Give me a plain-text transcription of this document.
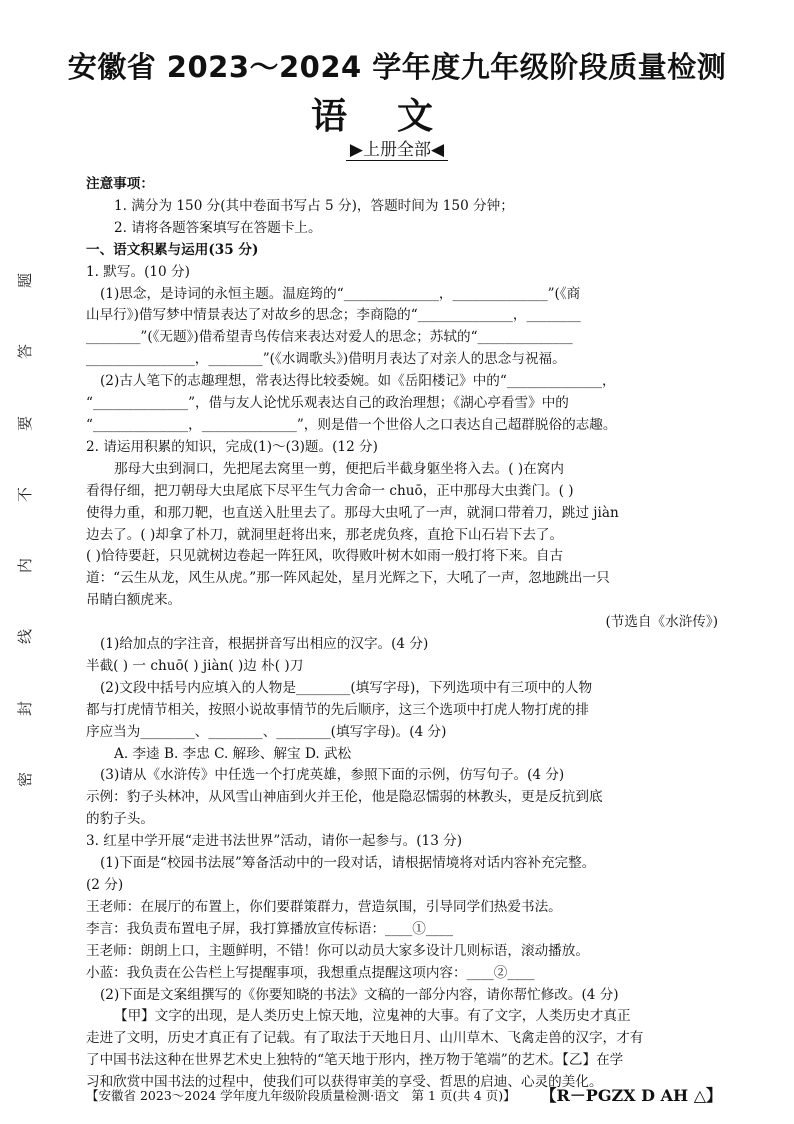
题
答
要
不
内
线
封
密
安徽省 2023～2024 学年度九年级阶段质量检测
语文
▶上册全部◀

注意事项：

1. 满分为 150 分(其中卷面书写占 5 分)，答题时间为 150 分钟；

2. 请将各题答案填写在答题卡上。

一、语文积累与运用(35 分)

1. 默写。(10 分)

(1)思念，是诗词的永恒主题。温庭筠的“______________，______________”(《商

山早行》)借写梦中情景表达了对故乡的思念；李商隐的“______________，________

________”(《无题》)借希望青鸟传信来表达对爱人的思念；苏轼的“______________

________________，________”(《水调歌头》)借明月表达了对亲人的思念与祝福。

(2)古人笔下的志趣理想，常表达得比较委婉。如《岳阳楼记》中的“______________，

“______________”，借与友人论忧乐观表达自己的政治理想；《湖心亭看雪》中的

“______________，______________”，则是借一个世俗人之口表达自己超群脱俗的志趣。

2. 请运用积累的知识，完成(1)～(3)题。(12 分)

那母大虫到洞口，先把尾去窝里一剪，便把后半截身躯坐将入去。( )在窝内

看得仔细，把刀朝母大虫尾底下尽平生气力舍命一 chuō，正中那母大虫粪门。( )

使得力重，和那刀靶，也直送入肚里去了。那母大虫吼了一声，就洞口带着刀，跳过 jiàn

边去了。( )却拿了朴刀，就洞里赶将出来，那老虎负疼，直抢下山石岩下去了。

( )恰待要赶，只见就树边卷起一阵狂风，吹得败叶树木如雨一般打将下来。自古

道：“云生从龙，风生从虎。”那一阵风起处，星月光辉之下，大吼了一声，忽地跳出一只

吊睛白额虎来。

(节选自《水浒传》)

(1)给加点的字注音，根据拼音写出相应的汉字。(4 分)

半截( ) 一 chuō( ) jiàn( )边 朴( )刀

(2)文段中括号内应填入的人物是________(填写字母)，下列选项中有三项中的人物

都与打虎情节相关，按照小说故事情节的先后顺序，这三个选项中打虎人物打虎的排

序应当为________、________、________(填写字母)。(4 分)

A. 李逵 B. 李忠 C. 解珍、解宝 D. 武松

(3)请从《水浒传》中任选一个打虎英雄，参照下面的示例，仿写句子。(4 分)

示例：豹子头林冲，从风雪山神庙到火并王伦，他是隐忍懦弱的林教头，更是反抗到底

的豹子头。

3. 红星中学开展“走进书法世界”活动，请你一起参与。(13 分)

(1)下面是“校园书法展”筹备活动中的一段对话，请根据情境将对话内容补充完整。

(2 分)

王老师：在展厅的布置上，你们要群策群力，营造氛围，引导同学们热爱书法。

李言：我负责布置电子屏，我打算播放宣传标语：____①____

王老师：朗朗上口，主题鲜明，不错！你可以动员大家多设计几则标语，滚动播放。

小蓝：我负责在公告栏上写提醒事项，我想重点提醒这项内容：____②____

(2)下面是文案组撰写的《你要知晓的书法》文稿的一部分内容，请你帮忙修改。(4 分)

【甲】文字的出现，是人类历史上惊天地，泣鬼神的大事。有了文字，人类历史才真正

走进了文明，历史才真正有了记载。有了取法于天地日月、山川草木、飞禽走兽的汉字，才有

了中国书法这种在世界艺术史上独特的“笔天地于形内，挫万物于笔端”的艺术。【乙】在学

习和欣赏中国书法的过程中，使我们可以获得审美的享受、哲思的启迪、心灵的美化。

【安徽省 2023～2024 学年度九年级阶段质量检测·语文　第 1 页(共 4 页)】 【R－PGZX D AH △】
